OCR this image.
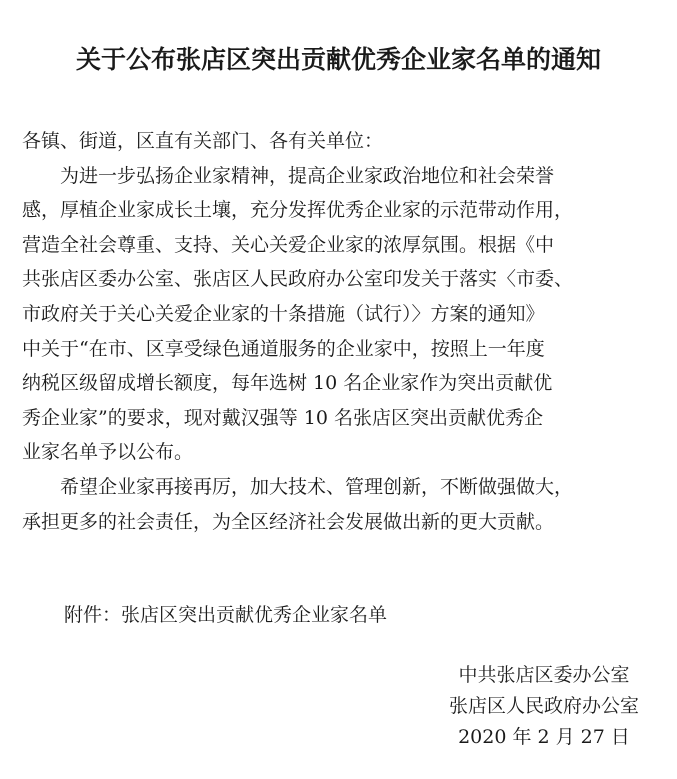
关于公布张店区突出贡献优秀企业家名单的通知

各镇、街道，区直有关部门、各有关单位：

为进一步弘扬企业家精神，提高企业家政治地位和社会荣誉
感，厚植企业家成长土壤，充分发挥优秀企业家的示范带动作用，
营造全社会尊重、支持、关心关爱企业家的浓厚氛围。根据《中
共张店区委办公室、张店区人民政府办公室印发关于落实〈市委、
市政府关于关心关爱企业家的十条措施（试行）〉方案的通知》
中关于“在市、区享受绿色通道服务的企业家中，按照上一年度
纳税区级留成增长额度，每年选树 10 名企业家作为突出贡献优
秀企业家”的要求，现对戴汉强等 10 名张店区突出贡献优秀企
业家名单予以公布。

希望企业家再接再厉，加大技术、管理创新，不断做强做大，
承担更多的社会责任，为全区经济社会发展做出新的更大贡献。

附件：张店区突出贡献优秀企业家名单
中共张店区委办公室
张店区人民政府办公室
2020 年 2 月 27 日
